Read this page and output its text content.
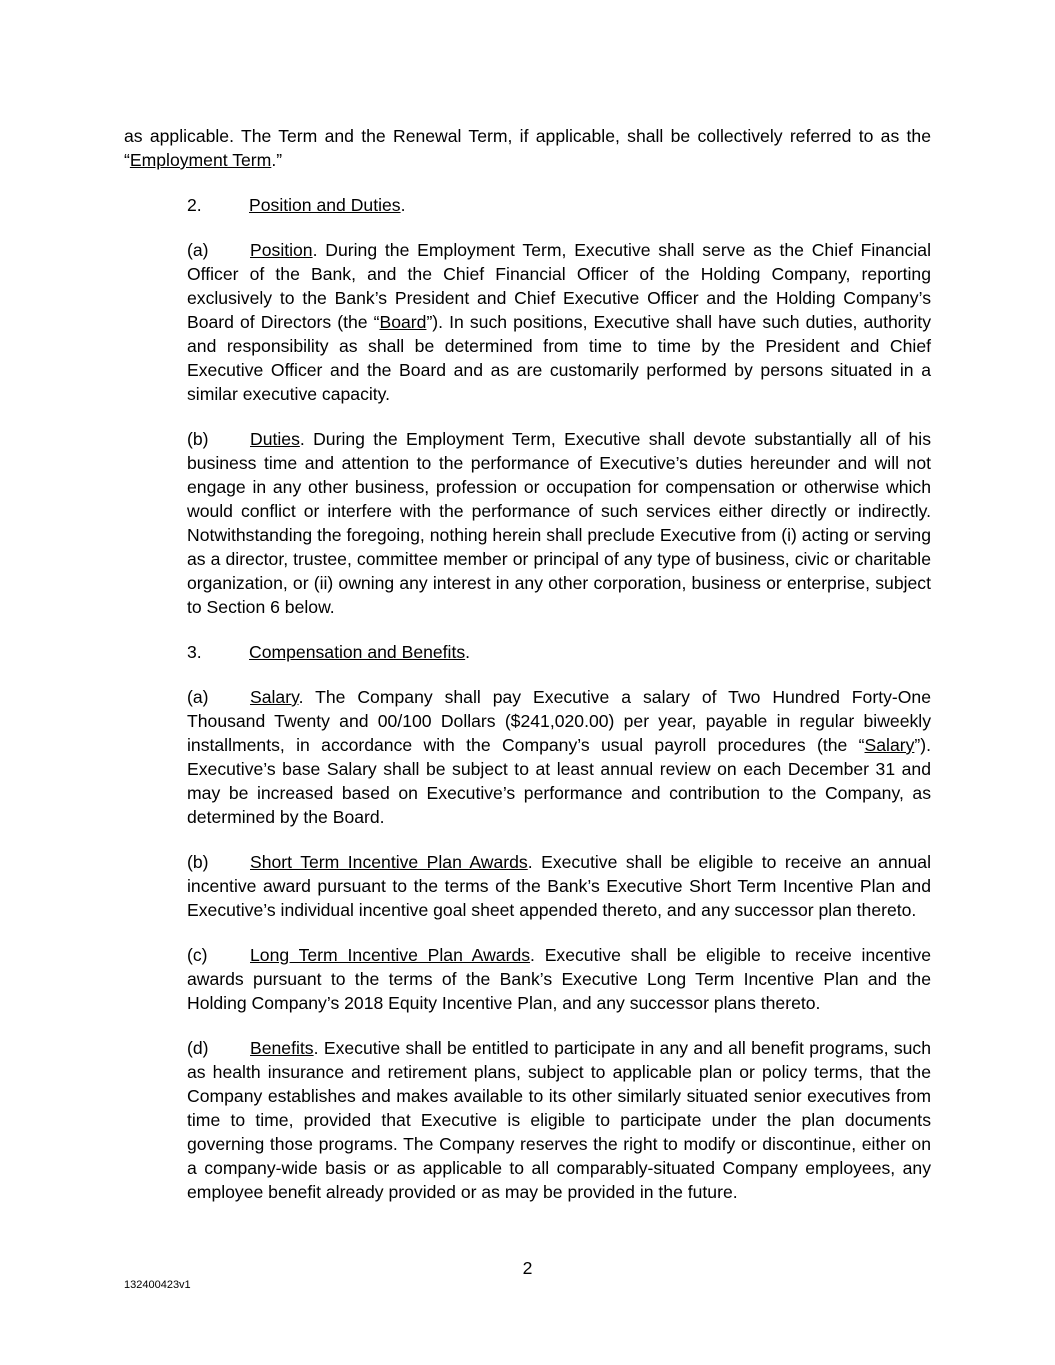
as applicable. The Term and the Renewal Term, if applicable, shall be collectively referred to as the “Employment Term.”

2.	Position and Duties.

(a) Position. During the Employment Term, Executive shall serve as the Chief Financial Officer of the Bank, and the Chief Financial Officer of the Holding Company, reporting exclusively to the Bank’s President and Chief Executive Officer and the Holding Company’s Board of Directors (the “Board”). In such positions, Executive shall have such duties, authority and responsibility as shall be determined from time to time by the President and Chief Executive Officer and the Board and as are customarily performed by persons situated in a similar executive capacity.

(b) Duties. During the Employment Term, Executive shall devote substantially all of his business time and attention to the performance of Executive’s duties hereunder and will not engage in any other business, profession or occupation for compensation or otherwise which would conflict or interfere with the performance of such services either directly or indirectly. Notwithstanding the foregoing, nothing herein shall preclude Executive from (i) acting or serving as a director, trustee, committee member or principal of any type of business, civic or charitable organization, or (ii) owning any interest in any other corporation, business or enterprise, subject to Section 6 below.

3.	Compensation and Benefits.

(a) Salary. The Company shall pay Executive a salary of Two Hundred Forty-One Thousand Twenty and 00/100 Dollars ($241,020.00) per year, payable in regular biweekly installments, in accordance with the Company’s usual payroll procedures (the “Salary”). Executive’s base Salary shall be subject to at least annual review on each December 31 and may be increased based on Executive’s performance and contribution to the Company, as determined by the Board.

(b) Short Term Incentive Plan Awards. Executive shall be eligible to receive an annual incentive award pursuant to the terms of the Bank’s Executive Short Term Incentive Plan and Executive’s individual incentive goal sheet appended thereto, and any successor plan thereto.

(c) Long Term Incentive Plan Awards. Executive shall be eligible to receive incentive awards pursuant to the terms of the Bank’s Executive Long Term Incentive Plan and the Holding Company’s 2018 Equity Incentive Plan, and any successor plans thereto.

(d) Benefits. Executive shall be entitled to participate in any and all benefit programs, such as health insurance and retirement plans, subject to applicable plan or policy terms, that the Company establishes and makes available to its other similarly situated senior executives from time to time, provided that Executive is eligible to participate under the plan documents governing those programs. The Company reserves the right to modify or discontinue, either on a company-wide basis or as applicable to all comparably-situated Company employees, any employee benefit already provided or as may be provided in the future.

2
132400423v1
